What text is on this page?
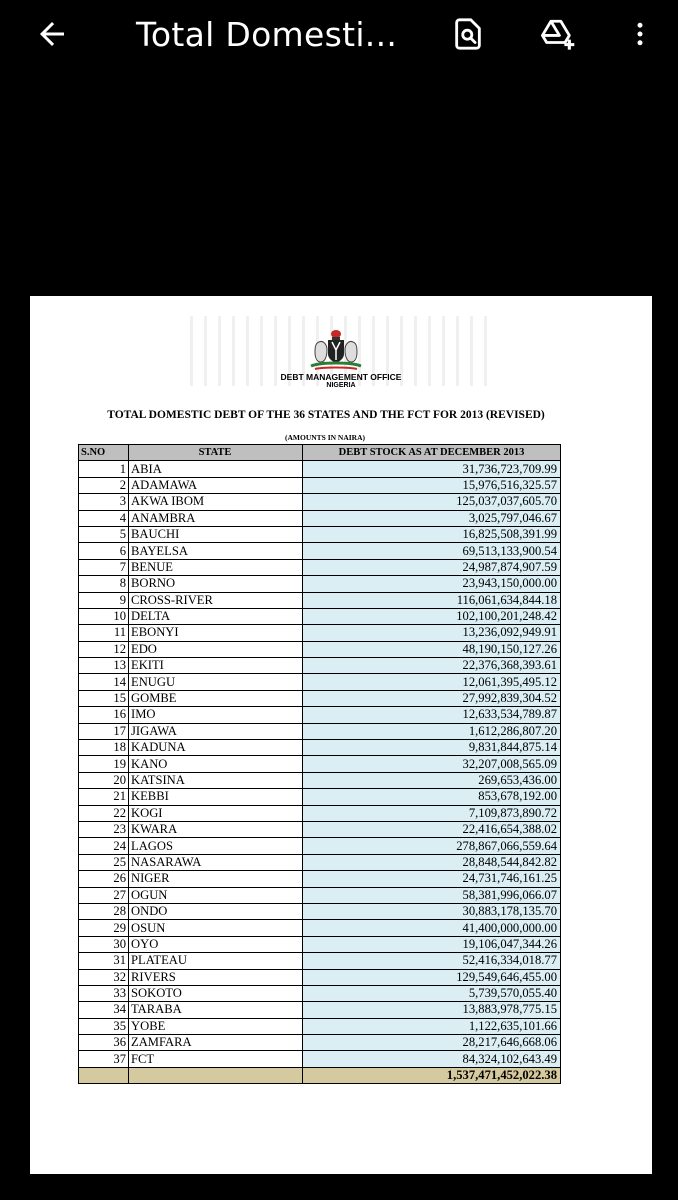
Total Domesti...
DEBT MANAGEMENT OFFICE
NIGERIA
TOTAL DOMESTIC DEBT OF THE 36 STATES AND THE FCT FOR 2013 (REVISED)
(AMOUNTS IN NAIRA)
S.NO	STATE	DEBT STOCK AS AT DECEMBER 2013
1	ABIA	31,736,723,709.99
2	ADAMAWA	15,976,516,325.57
3	AKWA IBOM	125,037,037,605.70
4	ANAMBRA	3,025,797,046.67
5	BAUCHI	16,825,508,391.99
6	BAYELSA	69,513,133,900.54
7	BENUE	24,987,874,907.59
8	BORNO	23,943,150,000.00
9	CROSS-RIVER	116,061,634,844.18
10	DELTA	102,100,201,248.42
11	EBONYI	13,236,092,949.91
12	EDO	48,190,150,127.26
13	EKITI	22,376,368,393.61
14	ENUGU	12,061,395,495.12
15	GOMBE	27,992,839,304.52
16	IMO	12,633,534,789.87
17	JIGAWA	1,612,286,807.20
18	KADUNA	9,831,844,875.14
19	KANO	32,207,008,565.09
20	KATSINA	269,653,436.00
21	KEBBI	853,678,192.00
22	KOGI	7,109,873,890.72
23	KWARA	22,416,654,388.02
24	LAGOS	278,867,066,559.64
25	NASARAWA	28,848,544,842.82
26	NIGER	24,731,746,161.25
27	OGUN	58,381,996,066.07
28	ONDO	30,883,178,135.70
29	OSUN	41,400,000,000.00
30	OYO	19,106,047,344.26
31	PLATEAU	52,416,334,018.77
32	RIVERS	129,549,646,455.00
33	SOKOTO	5,739,570,055.40
34	TARABA	13,883,978,775.15
35	YOBE	1,122,635,101.66
36	ZAMFARA	28,217,646,668.06
37	FCT	84,324,102,643.49
		1,537,471,452,022.38
